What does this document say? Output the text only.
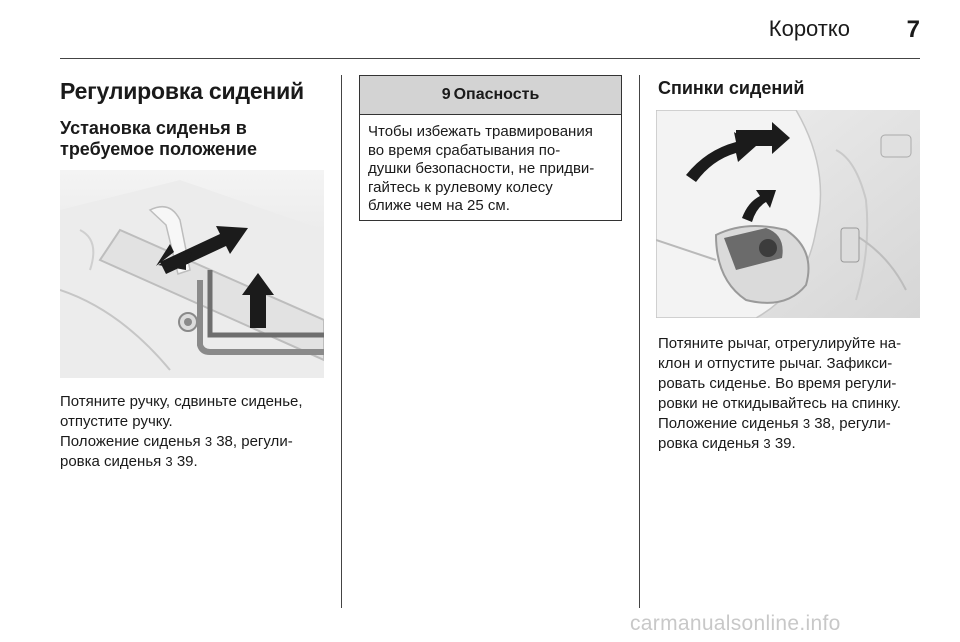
Коротко	7
Регулировка сидений
Установка сиденья в требуемое положение
Потяните ручку, сдвиньте сиденье,
отпустите ручку.
Положение сиденья 3 38, регули-
ровка сиденья 3 39.
9 Опасность
Чтобы избежать травмирования
во время срабатывания по-
душки безопасности, не придви-
гайтесь к рулевому колесу
ближе чем на 25 см.
Спинки сидений
Потяните рычаг, отрегулируйте на-
клон и отпустите рычаг. Зафикси-
ровать сиденье. Во время регули-
ровки не откидывайтесь на спинку.
Положение сиденья 3 38, регули-
ровка сиденья 3 39.
carmanualsonline.info
